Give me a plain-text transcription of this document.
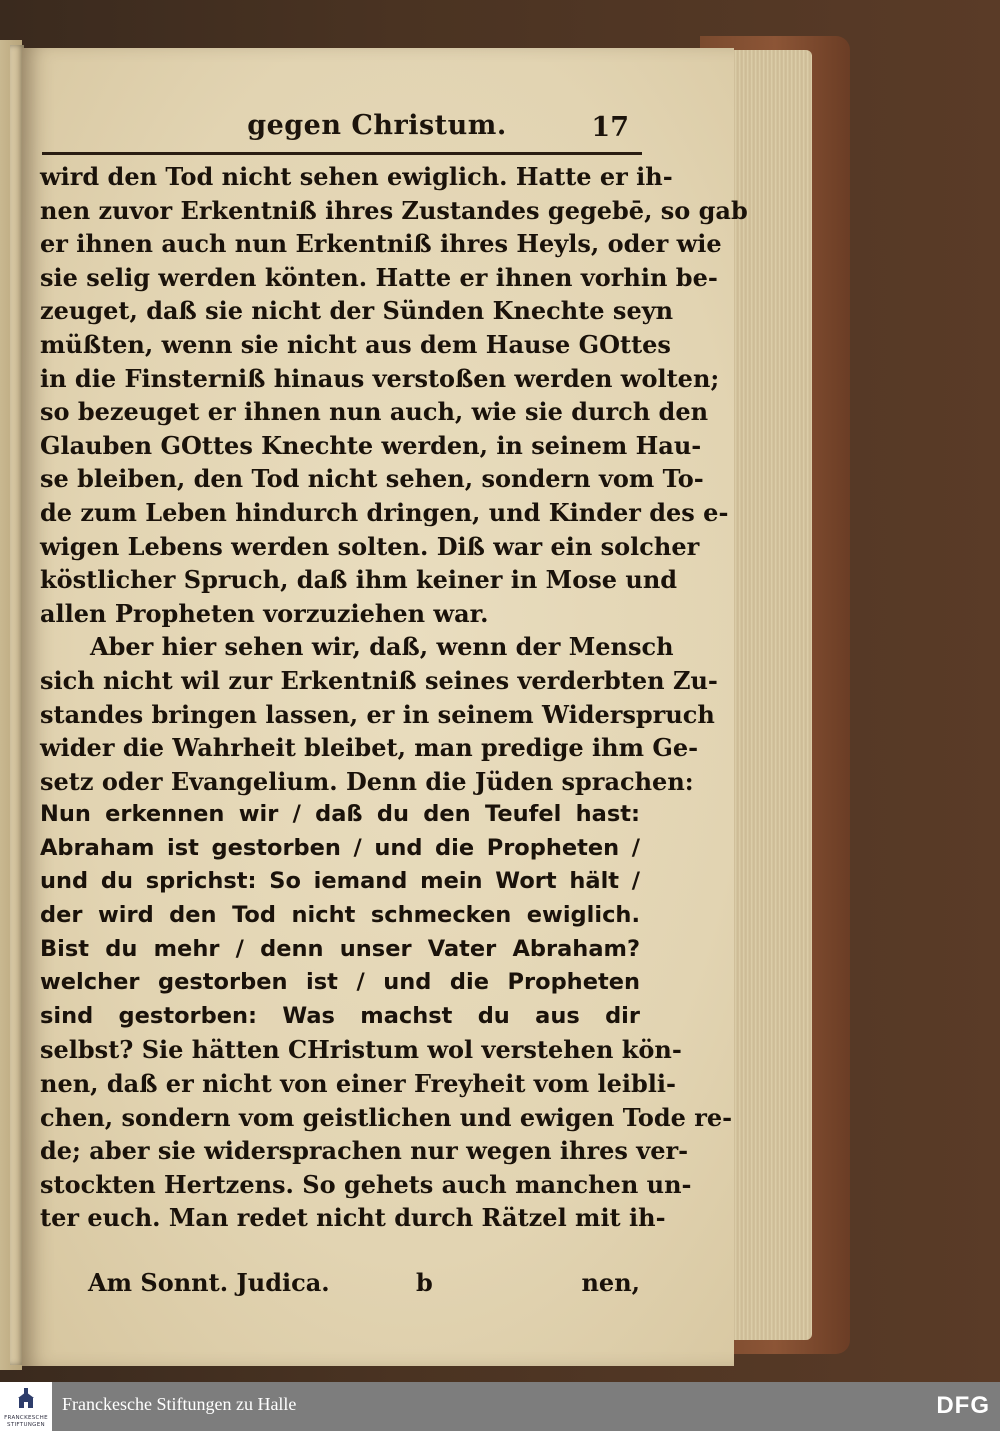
gegen Christum.	17
wird den Tod nicht sehen ewiglich. Hatte er ih-
nen zuvor Erkentniß ihres Zustandes gegebē, so gab
er ihnen auch nun Erkentniß ihres Heyls, oder wie
sie selig werden könten. Hatte er ihnen vorhin be-
zeuget, daß sie nicht der Sünden Knechte seyn
müßten, wenn sie nicht aus dem Hause GOttes
in die Finsterniß hinaus verstoßen werden wolten;
so bezeuget er ihnen nun auch, wie sie durch den
Glauben GOttes Knechte werden, in seinem Hau-
se bleiben, den Tod nicht sehen, sondern vom To-
de zum Leben hindurch dringen, und Kinder des e-
wigen Lebens werden solten. Diß war ein solcher
köstlicher Spruch, daß ihm keiner in Mose und
allen Propheten vorzuziehen war.
Aber hier sehen wir, daß, wenn der Mensch
sich nicht wil zur Erkentniß seines verderbten Zu-
standes bringen lassen, er in seinem Widerspruch
wider die Wahrheit bleibet, man predige ihm Ge-
setz oder Evangelium. Denn die Jüden sprachen:
Nun erkennen wir / daß du den Teufel hast:
Abraham ist gestorben / und die Propheten /
und du sprichst: So iemand mein Wort hält /
der wird den Tod nicht schmecken ewiglich.
Bist du mehr / denn unser Vater Abraham?
welcher gestorben ist / und die Propheten
sind gestorben: Was machst du aus dir
selbst? Sie hätten CHristum wol verstehen kön-
nen, daß er nicht von einer Freyheit vom leibli-
chen, sondern vom geistlichen und ewigen Tode re-
de; aber sie widersprachen nur wegen ihres ver-
stockten Hertzens. So gehets auch manchen un-
ter euch. Man redet nicht durch Rätzel mit ih-
Am Sonnt. Judica.	b	nen,
FRANCKESCHE
STIFTUNGEN
Franckesche Stiftungen zu Halle	DFG
